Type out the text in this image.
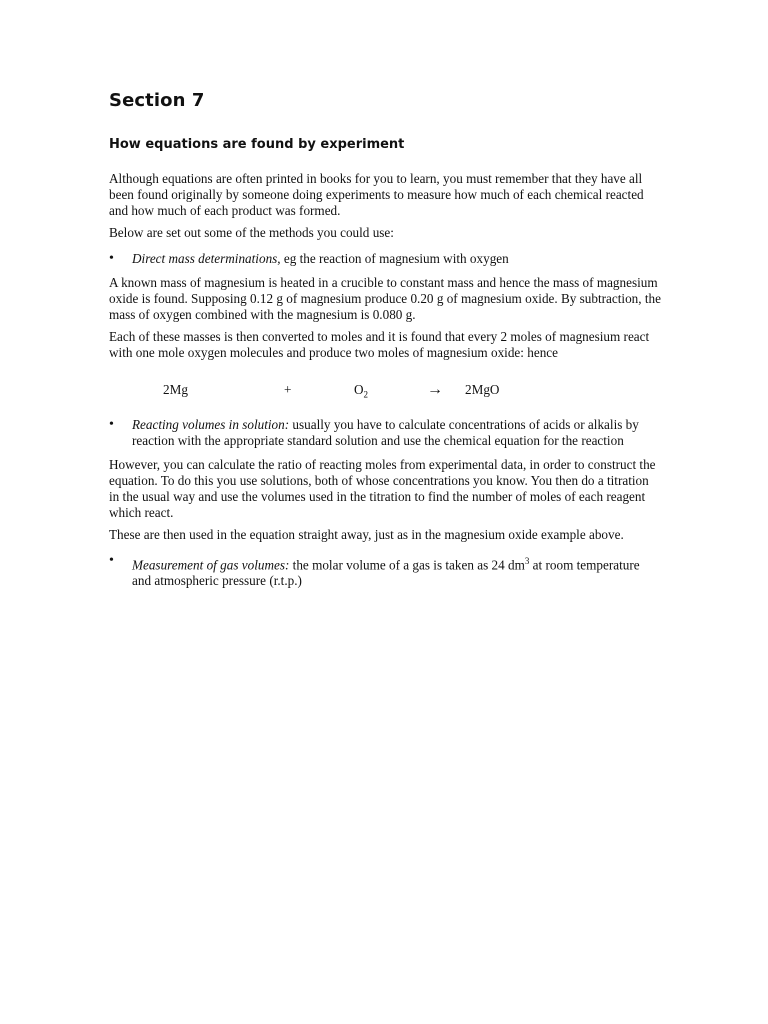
Section 7
How equations are found by experiment

Although equations are often printed in books for you to learn, you must remember that they have all been found originally by someone doing experiments to measure how much of each chemical reacted and how much of each product was formed.

Below are set out some of the methods you could use:

•	Direct mass determinations, eg the reaction of magnesium with oxygen

A known mass of magnesium is heated in a crucible to constant mass and hence the mass of magnesium oxide is found. Supposing 0.12 g of magnesium produce 0.20 g of magnesium oxide. By subtraction, the mass of oxygen combined with the magnesium is 0.080 g.

Each of these masses is then converted to moles and it is found that every 2 moles of magnesium react with one mole oxygen molecules and produce two moles of magnesium oxide: hence

2Mg	+	$O_2$	→ 2MgO
•	Reacting volumes in solution: usually you have to calculate concentrations of acids or alkalis by reaction with the appropriate standard solution and use the chemical equation for the reaction

However, you can calculate the ratio of reacting moles from experimental data, in order to construct the equation. To do this you use solutions, both of whose concentrations you know. You then do a titration in the usual way and use the volumes used in the titration to find the number of moles of each reagent which react.

These are then used in the equation straight away, just as in the magnesium oxide example above.

•	Measurement of gas volumes: the molar volume of a gas is taken as 24 $dm^3$ at room temperature and atmospheric pressure (r.t.p.)
